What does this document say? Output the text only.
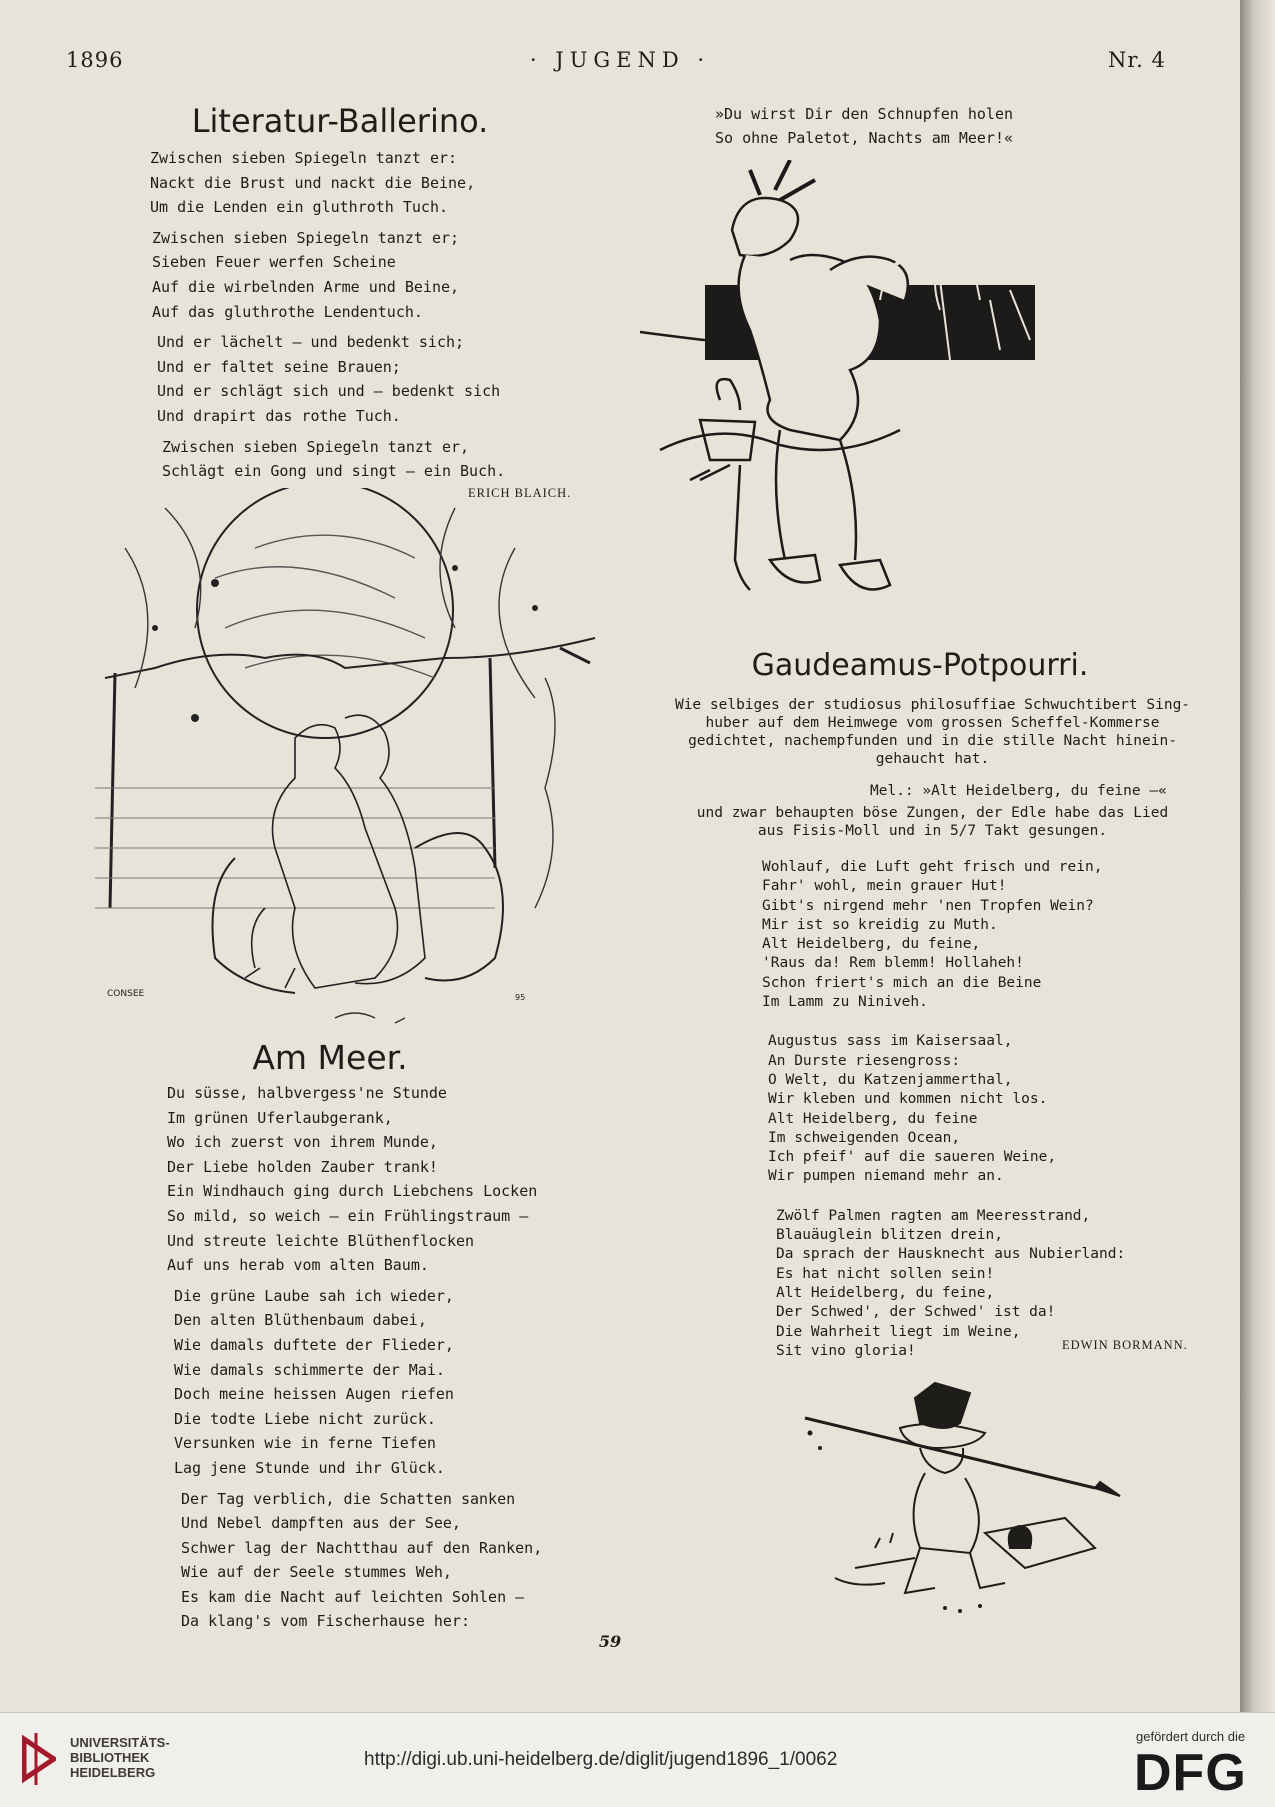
1896	· JUGEND ·	Nr. 4
Literatur-Ballerino.
Zwischen sieben Spiegeln tanzt er:
Nackt die Brust und nackt die Beine,
Um die Lenden ein gluthroth Tuch.
Zwischen sieben Spiegeln tanzt er;
Sieben Feuer werfen Scheine
Auf die wirbelnden Arme und Beine,
Auf das gluthrothe Lendentuch.
Und er lächelt — und bedenkt sich;
Und er faltet seine Brauen;
Und er schlägt sich und — bedenkt sich
Und drapirt das rothe Tuch.
Zwischen sieben Spiegeln tanzt er,
Schlägt ein Gong und singt — ein Buch.
ERICH BLAICH.
CONSEE	95
Am Meer.
Du süsse, halbvergess'ne Stunde
Im grünen Uferlaubgerank,
Wo ich zuerst von ihrem Munde,
Der Liebe holden Zauber trank!
Ein Windhauch ging durch Liebchens Locken
So mild, so weich — ein Frühlingstraum —
Und streute leichte Blüthenflocken
Auf uns herab vom alten Baum.
Die grüne Laube sah ich wieder,
Den alten Blüthenbaum dabei,
Wie damals duftete der Flieder,
Wie damals schimmerte der Mai.
Doch meine heissen Augen riefen
Die todte Liebe nicht zurück.
Versunken wie in ferne Tiefen
Lag jene Stunde und ihr Glück.
Der Tag verblich, die Schatten sanken
Und Nebel dampften aus der See,
Schwer lag der Nachtthau auf den Ranken,
Wie auf der Seele stummes Weh,
Es kam die Nacht auf leichten Sohlen —
Da klang's vom Fischerhause her:
»Du wirst Dir den Schnupfen holen
So ohne Paletot, Nachts am Meer!«
Gaudeamus-Potpourri.
Wie selbiges der studiosus philosuffiae Schwuchtibert Sing-
huber auf dem Heimwege vom grossen Scheffel-Kommerse
gedichtet, nachempfunden und in die stille Nacht hinein-
gehaucht hat.
Mel.: »Alt Heidelberg, du feine —«
und zwar behaupten böse Zungen, der Edle habe das Lied
aus Fisis-Moll und in 5/7 Takt gesungen.
Wohlauf, die Luft geht frisch und rein,
Fahr' wohl, mein grauer Hut!
Gibt's nirgend mehr 'nen Tropfen Wein?
Mir ist so kreidig zu Muth.
Alt Heidelberg, du feine,
'Raus da! Rem blemm! Hollaheh!
Schon friert's mich an die Beine
Im Lamm zu Niniveh.
Augustus sass im Kaisersaal,
An Durste riesengross:
O Welt, du Katzenjammerthal,
Wir kleben und kommen nicht los.
Alt Heidelberg, du feine
Im schweigenden Ocean,
Ich pfeif' auf die saueren Weine,
Wir pumpen niemand mehr an.
Zwölf Palmen ragten am Meeresstrand,
Blauäuglein blitzen drein,
Da sprach der Hausknecht aus Nubierland:
Es hat nicht sollen sein!
Alt Heidelberg, du feine,
Der Schwed', der Schwed' ist da!
Die Wahrheit liegt im Weine,
Sit vino gloria!	EDWIN BORMANN.
59
UNIVERSITÄTS-
BIBLIOTHEK
HEIDELBERG
http://digi.ub.uni-heidelberg.de/diglit/jugend1896_1/0062
gefördert durch die
DFG
